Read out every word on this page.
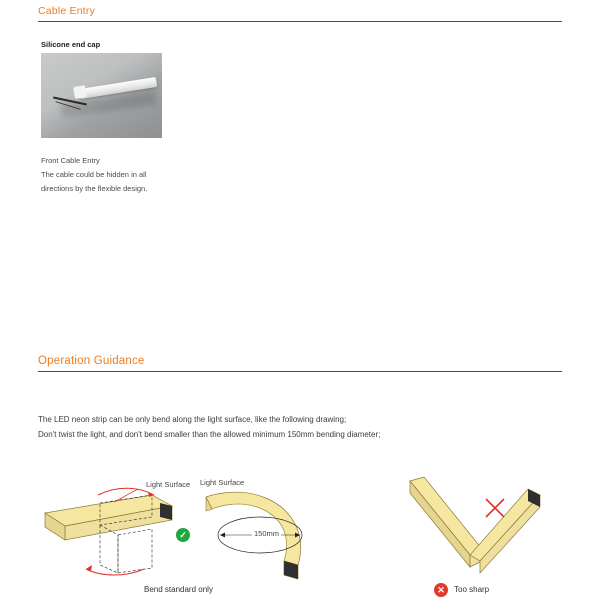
Cable Entry
Silicone end cap
Front Cable Entry
The cable could be hidden in all
directions by the flexible design.
Operation Guidance
The LED neon strip can be only bend along the light surface, like the following drawing;
Don't twist the light, and don't bend smaller than the allowed minimum 150mm bending diameter;
Light Surface
✓
Light Surface
150mm
Bend standard only	✕	Too sharp
